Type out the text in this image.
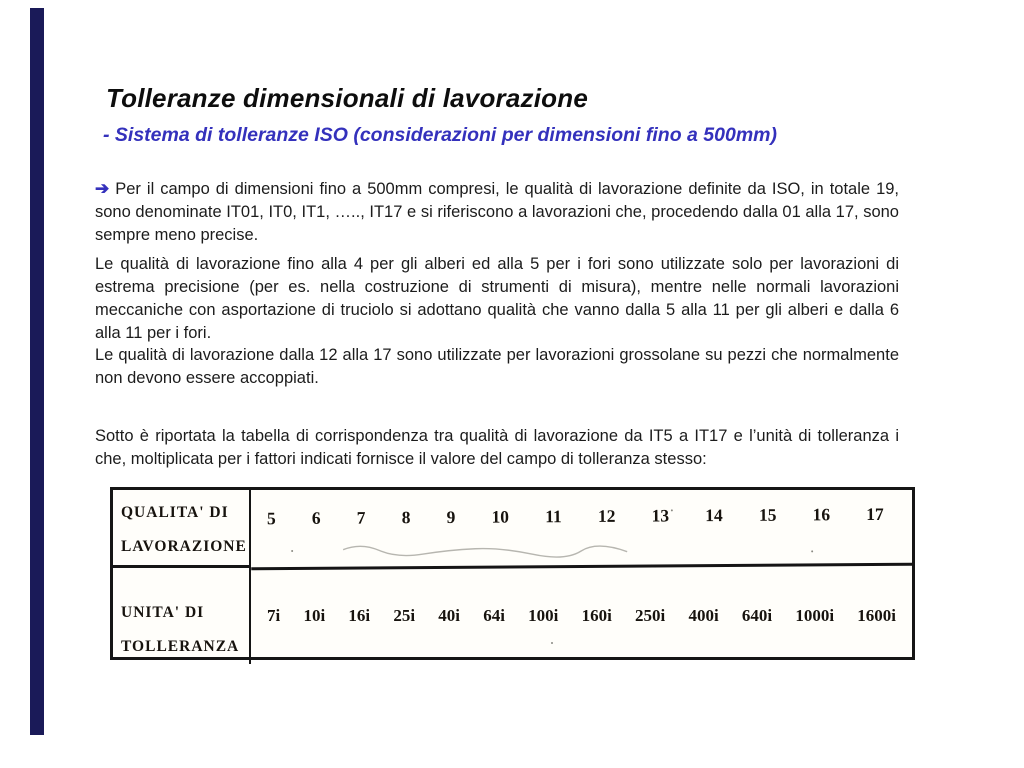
Tolleranze dimensionali di lavorazione
- Sistema di tolleranze ISO (considerazioni per dimensioni fino a 500mm)

➔ Per il campo di dimensioni fino a 500mm compresi, le qualità di lavorazione definite da ISO, in totale 19, sono denominate IT01, IT0, IT1, ….., IT17 e si riferiscono a lavorazioni che, procedendo dalla 01 alla 17, sono sempre meno precise.

Le qualità di lavorazione fino alla 4 per gli alberi ed alla 5 per i fori sono utilizzate solo per lavorazioni di estrema precisione (per es. nella costruzione di strumenti di misura), mentre nelle normali lavorazioni meccaniche con asportazione di truciolo si adottano qualità che vanno dalla 5 alla 11 per gli alberi e dalla 6 alla 11 per i fori.

Le qualità di lavorazione dalla 12 alla 17 sono utilizzate per lavorazioni grossolane su pezzi che normalmente non devono essere accoppiati.

Sotto è riportata la tabella di corrispondenza tra qualità di lavorazione da IT5 a IT17 e l’unità di tolleranza i che, moltiplicata per i fattori indicati fornisce il valore del campo di tolleranza stesso:

QUALITA' DI
LAVORAZIONE
5 6 7 8 9 10 11 12 13 14 15 16 17
UNITA' DI
TOLLERANZA
7i 10i 16i 25i 40i 64i 100i 160i 250i 400i 640i 1000i 1600i
